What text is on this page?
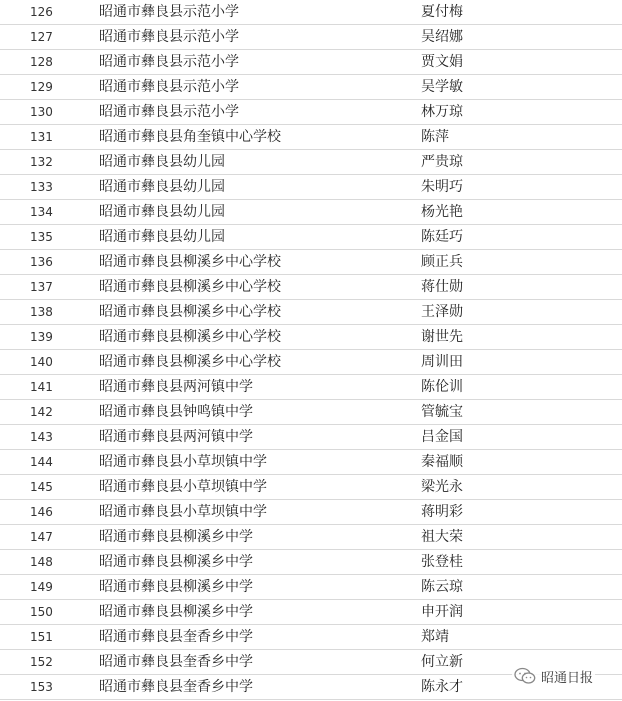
126	昭通市彝良县示范小学	夏付梅
127	昭通市彝良县示范小学	吴绍娜
128	昭通市彝良县示范小学	贾文娟
129	昭通市彝良县示范小学	吴学敏
130	昭通市彝良县示范小学	林万琼
131	昭通市彝良县角奎镇中心学校	陈萍
132	昭通市彝良县幼儿园	严贵琼
133	昭通市彝良县幼儿园	朱明巧
134	昭通市彝良县幼儿园	杨光艳
135	昭通市彝良县幼儿园	陈廷巧
136	昭通市彝良县柳溪乡中心学校	顾正兵
137	昭通市彝良县柳溪乡中心学校	蒋仕勋
138	昭通市彝良县柳溪乡中心学校	王泽勋
139	昭通市彝良县柳溪乡中心学校	谢世先
140	昭通市彝良县柳溪乡中心学校	周训田
141	昭通市彝良县两河镇中学	陈伦训
142	昭通市彝良县钟鸣镇中学	管毓宝
143	昭通市彝良县两河镇中学	吕金国
144	昭通市彝良县小草坝镇中学	秦福顺
145	昭通市彝良县小草坝镇中学	梁光永
146	昭通市彝良县小草坝镇中学	蒋明彩
147	昭通市彝良县柳溪乡中学	祖大荣
148	昭通市彝良县柳溪乡中学	张登桂
149	昭通市彝良县柳溪乡中学	陈云琼
150	昭通市彝良县柳溪乡中学	申开润
151	昭通市彝良县奎香乡中学	郑靖
152	昭通市彝良县奎香乡中学	何立新
153	昭通市彝良县奎香乡中学	陈永才
昭通日报
